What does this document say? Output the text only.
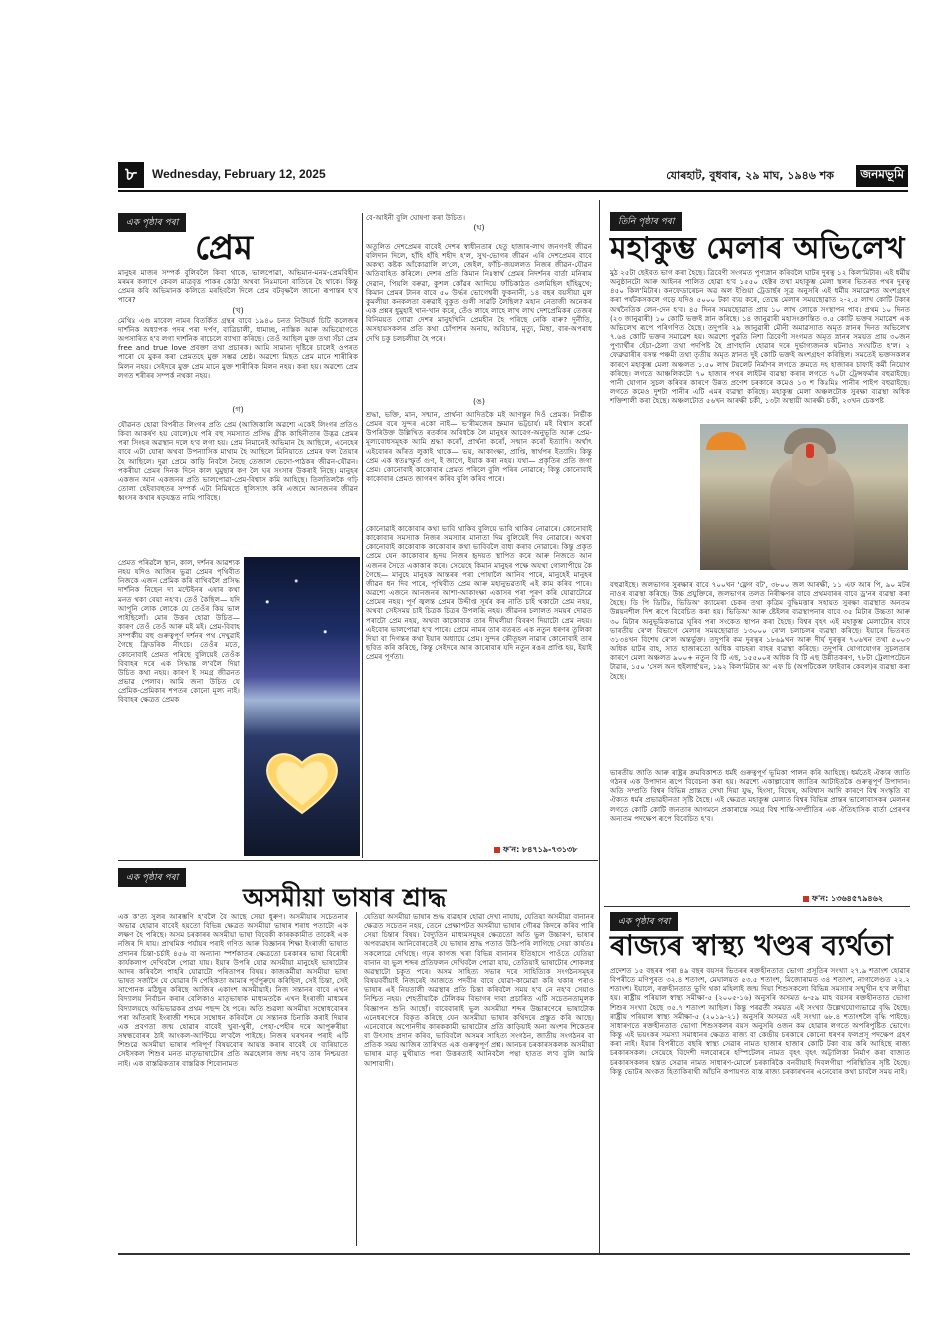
৮	Wednesday, February 12, 2025	যোৰহাট, বুধবাৰ, ২৯ মাঘ, ১৯৪৬ শক	জনমভূমি
এক পৃষ্ঠাৰ পৰা
প্ৰেম
মানুহৰ মাজৰ সম্পৰ্ক বুলিবলৈ কিবা থাকে, ভালপোৱা, অভিমান-মনম-প্ৰেমবিহীন মৰমৰ কলাণে কেবল মাত্ৰবৃত্ত পাকৰ কোঠা অথবা নিঃমানো বাতিৰে হৈ থাকে। কিন্তু প্ৰেমৰ কবি অভিমানক কলিতে মৰহিবলৈ দিলে প্ৰেম বটবৃক্ষলৈ জানো ৰূপান্তৰ হ'ব পাৰে?
(খ)
মেথিঃ এণ্ড মাবেল নামৰ বিতৰ্কিত গ্ৰন্থৰ বাবে ১৯৪০ চনত নিউয়ৰ্ক চিটি কলেজৰ দাৰ্শনিক অধ্যাপক পদৰ পৰা দৰ্পণ, বাত্ৰিচালী, ধামাচ্ছ, নাস্তিক আৰু অভিযোগতে অপসাৰিত হ'ব লগা দাৰ্শনিক ৰাচেলে ব্যাখ্যা কৰিছে। তেওঁ আছিল মুক্ত তথা সঁচা প্ৰেম free and true love প্ৰবক্তা তথা প্ৰচাৰক। আমি সামান্য দৃষ্টিৰে চালেই ওপৰত পাৰো যে মুকৰ কৰা প্ৰেমতহে মুক্ত সম্ভৱ শ্ৰেষ্ঠ। অৱশ্যে মিছত প্ৰেম মানে শাৰীৰিক মিলন নহয়। সেইদৰে মুক্ত প্ৰেম মানে মুক্ত শাৰীৰিক মিলন নহয়। কৰা হয়। অৱশ্যে প্ৰেম লগত শৰীৰৰ সম্পৰ্ক নথকা নহয়।
(গ)
যৌৱনত হোৱা বিপৰীত লিংগৰ প্ৰতি প্ৰেম (আজিকালি অৱশ্যে একেই লিংগৰ প্ৰতিও কিবা আকৰ্ষণ হয় বোলে)যে পৰি বহু সমস্যাত প্ৰসিদ্ধ গ্ৰীক কাহিনীতাৰ উদ্ভৱ প্ৰেমৰ পৰা সিংহৰ অৱস্থান দলে হ'ব লগা হয়। প্ৰেম নিমানেই অভিমান হৈ আছিলে, এনেহেৰ বাবে এটা যোৰা অথবা উপন্যাসিক মাথাম হৈ আছিলে মিনিয়াতে প্ৰেমৰ ফল তৈয়াৰ হৈ আছিলে। দুৱা প্ৰেমে কাড়ি নিবলৈ নৈছে তেজাল ভেদো-পাঠকৰ জীৱন-যৌৱন। পকৰীয়া প্ৰেমৰ দিনক দিনে কাল ঘুমুছাৰ কণ লৈ ঘৰ সংসাৰ উকৰাই নিছে। মানুহৰ একজন আন একজনৰ প্ৰতি ভালপোৱা-প্ৰেম-বিশ্বাস কমি আহিছে। তিলতিলকৈ গঢ়ি তোলা হেইবাবহুতৰ সম্পৰ্ক এটা নিমিষতে ধূলিস্যাৎ কৰি এজনে আনজনৰ জীৱন ধ্বংসৰ কথাৰ ষড়যন্ত্ৰত নামি পাবিছে।
প্ৰেমত পৰিৱলৈ স্থান, কাল, দৰ্শনৰ আৱশ্যক নহয় যদিও আজিৰ ভুৱা প্ৰেমৰ পৃথিবীত নিজকে এজন প্ৰেমিক কৰি বাখিবলৈ প্ৰসিদ্ধ দাৰ্শনিক নিছেন দা মন্টেইনৰ এষাৰ কথা মনত থকা বেয়া নহ'ব। তেওঁ কৈছিল— যদি আপুনি লোক লোকে যে তেওঁৰ কিয় ভাল পাইছিলোঁ। মোৰ উত্তৰ হোৱা উচিত— কাৰণ তেওঁ তেওঁ আৰু মই মই। প্ৰেম-বিবাহ সম্পৰ্কীয় বহু গুৰুত্বপূৰ্ণ দৰ্শনৰ পথ দেখুৱাই গৈছে ফ্ৰিডৰিক নীৎচে। তেওঁৰ মতে, কোনোবাই প্ৰেমত পৰিছে বুলিয়েই তেওঁক বিবাহৰ দৰে এক সিদ্ধান্ত ল'বলৈ দিয়া উচিত কথা নহয়। কাৰণ ই সমগ্ৰ জীৱনত প্ৰভাৱ পেলাব। আমি জনা উচিত যে প্ৰেমিক-প্ৰেমিকাৰ শপতৰ কোনো মূল্য নাই। বিবাহৰ ক্ষেত্ৰত প্ৰেমক
বে-আইনী বুলি ঘোষণা কৰা উচিত।
(ঘ)
অতুলিত দেশপ্ৰেমৰ বাবেই দেশৰ স্বাধীনতাৰ হেতু হাজাৰ-লাখ জনগণই জীৱন বলিদান দিলে, হাঁহি হাঁহি শহীদ হ'ল, সুখ-ভোগৰ জীৱন এৰি দেশপ্ৰেমৰ বাবে অকথ্য কষ্টক আঁকোৱালি ল'লে, জেইল, ফাঁচি-জয়ললত নিজৰ জীৱন-যৌৱন অতিবাহিত কৰিলে। দেশৰ প্ৰতি কিমান নিঃস্বাৰ্থ প্ৰেমৰ নিদৰ্শনৰ বাৰ্তা মনিৰাম দেৱান, পিয়লি বৰুৱা, কুশল কোঁৱৰ আদিয়ে ফাঁচিকাঠত ওলমিছিল হাঁহিমুখে; কিমান প্ৰেমৰ টানৰ বাবে ৫০ উৰ্দ্ধৰ ভোগেশ্বৰী ফুকনানী, ১৪ বছৰ বয়সীয়া মুল কুমলীয়া কনকলতা বৰুৱাই বুকুত গুলী সাৱটি লৈছিল? মহান নেতাজী অনেকৰ এক প্ৰশ্নৰ ধুমুহাই খান-খান কৰে, তেঁও লাহে লাহে লাখ লাখ দেশপ্ৰেমিকৰ তেজৰ বিনিময়ত গোৱা দেশৰ মানুহখিনি প্ৰেমহীন হৈ পৰিছে নেকি বাৰু? দুৰ্নীতি, অসহায়সকলৰ প্ৰতি কথা চোঁপাশৰ অনায়, অবিচাৰ, মৃত্যু, মিছা, বাৰ-অপৰাধ দেখি চকু চলচলীয়া হৈ পৰে।
(ঙ)
শ্ৰদ্ধা, ভক্তি, মান, সন্মান, প্ৰাৰ্থনা আদিতকৈ মই আণন্তুন দিওঁ প্ৰেমক। নিৰ্ভীক প্ৰেমৰ বৰে সুন্দৰ একো নাই— ভ'ৰীমজেৰ স্ৰুমান ভট্টচাৰ্য। মই বিশ্বাস কৰোঁ উপৰিউক্ত উল্লিখিত ৰতৰ্কাৰ অবিধকৈ লৈ মানুহৰ আবেগ-অনুভূতি আৰু প্ৰেম-মূল্যবোধসমূহক আমি শ্ৰদ্ধা কৰোঁ, প্ৰাৰ্থনা কৰোঁ, সন্মান কৰোঁ ইত্যাদি। অৰ্থাৎ এইবোৰৰ আঁৰত লুকাই থাকে— ভয়, আকাংক্ষা, প্ৰাপ্তি, স্বাৰ্থপৰ ইত্যাদি। কিন্তু প্ৰেম এক স্বতঃস্ফূৰ্ত গুণ, ই জাগে, ইয়াক কৰা নহয়। যথা— প্ৰকৃতিৰ প্ৰতি জগা প্ৰেম। কোনোবাই কাকোবাৰ প্ৰেমত পৰিলে বুলি পৰিৰ নোৱাৰে; কিন্তু কোনোবাই কাকোবাৰ প্ৰেমত জাগৰণ কৰিব বুলি কৰিব পাৰে।
কোনোৱাই কাকোবাৰ কথা ভাবি থাকিব বুলিয়ে ভাবি থাকিব নোৱাৰে। কোনোবাই কাকোবাৰ সমস্যাক নিজৰ সমস্যাৰ মানাতা দিম বুলিয়েই দিব নোৱাৰে। অথবা কোনোবাই কাকোবাক কাকোবাৰ কথা ভাবিবলৈ বাধ্য কৰাব নোৱাৰে। কিন্তু প্ৰকৃত প্ৰেমে যেন কাকোবাৰ হৃদয় নিজৰ হৃদয়ত স্থাপিত কৰে আৰু নিজতে আন এজনৰ সৈতে একাকাৰ কৰে। সেয়েহে কিমান মানুহৰ পক্ষে অযথা গোলাপীয়ে কৈ গৈছে— মানুহে মানুহক আন্তৰৰ পৰা পোষালৈ আনিব পাৰে, মানুহেই মানুহৰ জীৱন ধন দিব পাৰে, পৃথিবীত প্ৰেম আৰু মহানুভৱতাই এই কাম কৰিব পাৰে। অৱশ্যে এজনে আনজনৰ আশা-আকাংক্ষা একাসৰ পৰা পূৰণ কৰি যোৱাটোৱে প্ৰেমেৰ নহয়। পূৰ্ণ জ্বলন্ত প্ৰেমৰ উদ্দীপ্ত সূৰ্যৰ কৰ নাতি চাই থকাটো প্ৰেম নহয়, অথবা সেইসময় চাই চিত্ৰক চিত্ৰৰ উপলব্ধি নহয়। জীৱনৰ চলালত সময়ৰ দোৱত পৰাটো প্ৰেম নহয়, অথবা কাকোবাক তাৰ দীঘলীয়া বিবৰণ দিয়াটো প্ৰেম নহয়। এইবোৰ ভালপোৱা হ'ব পাৰে। প্ৰেমে নামৰ তাৰ বতৰত এক নতুন ধৰণৰ তুলিকা দিয়া বা দিগন্তৰ কথা ইয়াৰ অধ্যায়ে প্ৰেম। সুন্দৰ কৌতূহল নাৱাৰ কোনোবাই তাৰ ছবিত কৰি কৰিছে, কিন্তু সেইদৰে আৰ কাৰোবাৰ যদি নতুন ৰঙৰ প্ৰাপ্তি হয়, ইয়াই প্ৰেমৰ পূৰ্ণতা।
ফ'ন: ৮৪৭১৯-৭৩১৩৮
তিনি পৃষ্ঠাৰ পৰা
মহাকুম্ভ মেলাৰ অভিলেখ
মুঠ ২৫টা ছেইবত ভাগ কৰা হৈছে। ত্ৰিবেণী সংগমত পুণ্যস্নান কৰিবলৈ ঘাটৰ দুৰত্ব ১২ কিল'মিটাৰ। এই ধৰ্মীয় অনুষ্ঠানটো আৰু আইনৰ পালিত হোৱা হ'ব ১৫৫০ হেক্টৰ তথা মহাকুম্ভ মেলা স্থলৰ ভিতৰত পথৰ দুৰত্ব ৪৫০ কিল'মিটাৰ। কনফেডাৰেচন অৱ অল ইণ্ডিয়া ট্ৰেডাৰ্ছৰ সূত্ৰ অনুসৰি এই ধৰ্মীয় সমাৱেশত অংশগ্ৰহণ কৰা পৰ্যটকসকলে গড়ে যদিও ৫০০০ টকা ব্যয় কৰে, তেন্তে মেলাৰ সময়ছোৱাত ২-২.৫ লাখ কোটি টকাৰ অৰ্থনৈতিক লেন-দেন হ'ব। ৪৫ দিনৰ সময়ছোৱাত প্ৰায় ১০ লাখ লোকে সংস্থাপন পাব। প্ৰথম ১০ দিনত (২৩ জানুৱাৰী) ১০ কোটি ভক্তই স্নান কৰিছে। ১৪ জানুৱাৰী মহাসংক্ৰান্তিত ৩.৫ কোটি ভক্তৰ সমাৱেশ এক অভিলেখ ৰূপে পৰিগণিত হৈছে। তদুপৰি ২৯ জানুৱাৰী মৌনী অমাৱস্যাত অমৃত স্নানৰ দিনত অভিলেখ ৭.৬৪ কোটি ভক্তৰ সমাৱেশ হয়। অৱশ্যে পুৱতি নিশা ত্ৰিবেণী সংগমত অমৃত স্নানৰ সময়ত প্ৰায় ৩০জন পুণ্যাৰ্থীৰ হেঁচা-ঠেলা তথা পদপিষ্ট হৈ প্ৰাণহানি হোৱাৰ দৰে দুৰ্ভাগ্যজনক ঘটনাও সংঘটিত হ'ল। ২ ফেব্ৰুৱাৰীৰ বসন্ত পঞ্চমী তথা তৃতীয় অমৃত স্নানত দুই কোটি ভক্তই অংশগ্ৰহণ কৰিছিল। সমতেই ভক্তসকলৰ কাৰণে মহাকুম্ভ মেলা অঞ্চলত ১.৫০ লাখ টয়লেট নিৰ্মাণৰ লগতে ক্ৰমতে দহ হাজাৰৰ চাফাই কৰ্মী নিয়োগ কৰিছে। লগতে আঞ্চলিকটো ৭০ হাজাৰ পথৰ লাইটৰ ব্যৱস্থা কৰাৰ লগতে ৭০টা ট্ৰেন্সফৰ্মাৰ বহুৱাইছে। পানী যোগান সুচল কৰিবৰ কাৰণে উন্নত প্ৰণেশ চৰকাৰে কমেও ১৩ শ কিঃমিঃ পানীৰ পাইপ বহুৱাইছে। লগতে কমেও দুশটা পানীৰ এটি এমৰ ব্যৱস্থা কৰিছে। মহাকুম্ভ মেলা অঞ্চলটোক সুৰক্ষা ব্যৱস্থা অধিক শক্তিশালী কৰা হৈছে। অঞ্চলটোত ৫৬খন আৰক্ষী চকী, ১৩টা অস্থায়ী আৰক্ষী চকী, ২৩খন চেকপষ্ট
বহুৱাইছে। জলভাগৰ সুৰক্ষাৰ বাবে ৭০০খন 'ফ্লেগ বট', ৩৮০০ জল আৰক্ষী, ১১ এফ আৰ পি, ৯০ মটৰ নাওৰ ব্যৱস্থা কৰিছে। উচ্চ প্ৰযুক্তিৰে, জলভাগৰ তলত নিৰীক্ষণৰ বাবে প্ৰথমবাৰৰ বাবে ড্ৰ'নৰ ব্যৱস্থা কৰা হৈছে। ডি পি ডিটিঃ, ভিডিঅ' ক্যামেৰা চেকৰ তথা কৃত্ৰিম বুদ্ধিমত্তাৰ সহায়ত সুৰক্ষা ব্যৱস্থাত অনতম উন্নয়নশীল দিশ ৰূপে বিবেচিত কৰা হয়। ভিডিঅ' আৰু ষ্টেইলৰ ব্যৱস্থাপনাৰ বাবে ৩৫ মিটাৰ উচ্চতা আৰু ৩০ মিটাৰ অনুভূমিকভাৱে ঘূৰিব পৰা সংকেত স্থাপন কৰা হৈছে। বিশ্বৰ বৃহৎ এই মহাকুম্ভ মেলাটোৰ বাবে ভাৰতীয় ৰে'ল বিভাগে মেলাৰ সময়ছোৱাত ১৩০০০ ৰে'ল চলাচলৰ ব্যৱস্থা কৰিছে। ইয়াৰে ভিতৰত ৩১৩৪খন বিশেষ ৰে'ল অন্তৰ্ভুক্ত। তদুপৰি কম দুৰত্বৰ ১৮৬৯খন আৰু দীৰ্ঘ দুৰত্বৰ ৭০৬খন তথা ৫০০৩ অধিক য়াটৰ বাহ, সাত হাজাৰতো অধিক বাচহৰা বাহৰ ব্যৱস্থা কৰিছে। তদুপৰি যোগাযোগৰ সুচলতাৰ কাৰণে মেলা অঞ্চলত ৯০০+ নতুন বি টি এছ, ১৫৫০০ৰ অধিক বি টি এছ উন্নীতকৰণ, ৭৮টা ট্ৰেলাপটেচন টাৱাৰ, ১৫০ 'সেল অন হুইলাৰ্ছ'য়ন, ১৯২ কিল'মিটাৰ অ' এফ চি (অপটিকেল ফাইবাৰ কেবল)ৰ ব্যৱস্থা কৰা হৈছে।
ভাৰতীয় জাতি আৰু ৰাষ্ট্ৰৰ ক্ৰমবিকাশত ধৰ্মই গুৰুত্বপূৰ্ণ ভূমিকা পালন কৰি আহিছে। ধৰ্মতেই ঐক্যৰ জাতি গঠনৰ এক উপাদান ৰূপে বিবেচনা কৰা হয়। অৱশ্যে একাল্পাবোধ জাতিৰ আটাইতকৈ গুৰুত্বপূৰ্ণ উপাদান। অতি সম্প্ৰতি বিশ্বৰ বিভিন্ন প্ৰান্তত দেখা দিয়া যুদ্ধ, হিংসা, বিদ্বেষ, অবিশ্বাস আদি কাৰণে বিশ্ব সংস্কৃতি বা ঐক্যত ধৰ্মৰ প্ৰভাৱহীনতা সৃষ্টি হৈছে। এই ক্ষেত্ৰত মহাকুম্ভ মেলাত বিশ্বৰ বিভিন্ন প্ৰান্তৰ ভালোবাসকৰ মেলনৰ লগতে কোটি কোটি জনতাৰ আগমনে প্ৰকাৰান্তে সমগ্ৰ বিশ্ব শান্তি-সম্প্ৰীতিৰ এক ঐতিহাসিক বাৰ্তা প্ৰেৰণৰ অন্যতম পদক্ষেপ ৰূপে বিবেচিত হ'ব।
ফ'ন: ১৩৬৪৫৭৯৪৬২
এক পৃষ্ঠাৰ পৰা
অসমীয়া ভাষাৰ শ্ৰাদ্ধ
এক ক'ত্য সুলৰ আৰম্ভণি হ'বলৈ বৈ আছে সেয়া ধুৰুণ। অসমীয়াৰ সচেতনাৰ অভাৱ হোৱাৰ বাবেই হয়তো বিভিন্ন ক্ষেত্ৰত অসমীয়া ভাষাৰ শৰাধ পতাটো এক লক্ষণ হৈ পৰিছে। অসম চৰকাৰৰ অসমীয়া ভাষা বিবেকী কাৰককামীত তাকেই এক নজিৰ দি যায়। প্ৰাথমিক পৰ্যায়ৰ পৰাই গণিত আৰু বিজ্ঞানৰ শিক্ষা ইংৰাজী ভাষাত প্ৰদানৰ চিন্তা-চৰ্চাই ৪৫৬ বা অন্যান্য স্পৰ্শকাতৰ ক্ষেত্ৰতো চৰকাৰৰ ভাষা বিৰোধী কাৰ্যকলাপ দেখিবলৈ পোৱা যায়। ইয়াৰ উপৰি যোৱ অসমীয়া মানুহেই ভাষাটোৰ আদৰ কৰিবলৈ পাহৰি যোৱাটো পৰিতাপৰ বিষয়। কাজকৰ্মীয়া অসমীয়া ভাষা ভাষত সৰ্জাসৈ যে যোৱাৰ দি পেহিকতা আমাৰ পূৰ্বপুৰুষে কৰিছিল, সেই চিন্তা, সেই সাপোনক মঠিছুৰ কৰিছে আজিৰ একাংশ অসমীয়াই। নিজ সন্তানৰ বাবে এখন বিদ্যালয় নিৰ্বাচন কৰাৰ বেলিকাও মাতৃভাষাক মাধ্যমতকৈ এখন ইংৰাজী মাধ্যমৰ বিদ্যালয়হে অভিভাৱকৰ প্ৰথম পছন্দ হৈ পৰে। অতি শুৱলা অসমীয়া সম্বোধবোৰৰ পৰা আঁতৰাই ইংৰাজী শব্দৰে সম্বোধন কৰিবলৈ যে সন্তানক চিনাকি কৰাই দিয়াৰ এক প্ৰবণতা জন্ম হোৱাৰ বাবেই খুৰা-খুৰী, পেহা-পেহীৰ দৰে আপুৰুৰীয়া সম্বন্ধবোৰৰ ঠাই আংকল-আণ্টিয়ে ল'বলৈ পাইছে। নিজৰ ঘৰখনৰ পৰাই এটি শিশুৱে অসমীয়া ভাষাৰ পৰিপূৰ্ণ বিষয়বোৰ আয়ত্ত কৰাৰ বাবেই যে ব্যৰিয়াতে সেইসকল শিশুৰ মনত মাতৃভাষাটোৰ প্ৰতি অৱহেলাৰ জন্ম নহ'ব তাৰ নিশ্চয়তা নাই। এক বাস্তৱিকতাৰ বাস্তৱিক শিবোনামত
যেতিয়া অসমীয়া ভাষাৰ শুদ্ধ ব্যৱহাৰ হোৱা দেখা নাযায়, যেতিয়া অসমীয়া বানানৰ ক্ষেত্ৰত সচেতন নহয়, তেনে প্ৰেক্ষাপটত অসমীয়া ভাষাৰ গৌৰৱ কিদৰে কৰিব পাৰি সেয়া চিন্তাৰ বিষয়। বৈদ্যুতিন মাধ্যমসমূহৰ ক্ষেত্ৰতো অতি ভুল উচ্চাৰণ, ভাষাৰ অপব্যৱহাৰ আনিবোৰতেই যে ভাষাৰ শ্ৰাদ্ধ পতাত উঠি-পৰি লাগিছে সেয়া কাৰ্যতঃ সকলোৱে দেখিছে। গঢ়ৰ কাগজ খৰা বিভিন্ন বানানৰ ইতিহাসে পাওঁতে যেতিয়া বানান বা ভুল শব্দৰ প্ৰতিফলন দেখিবলৈ পোৱা যায়, তেতিয়াই ভাষাটোৰ শোকলগ্ন অৱস্থাটো চকুত পৰে। অসম সাহিত্য সভাৰ দৰে সাহিত্যিক সংগঠনসমূহৰ বিষয়বৰ্বীয়াই নিজৰেই আজতে পদবীৰ বাবে যোৱা-কামোৱা কৰি থকাৰ পৰাও ভাষাৰ এই নিয়তালী অৱস্থাৰ প্ৰতি চিন্তা কৰিবলৈ সময় হ'ব নে নহ'ব সেয়াও নিশ্চিত নহয়। শেহতীয়াকৈ টেলিকম বিভাগৰ দাবা প্ৰচাৰিত এটি সচেতনতামূলক বিজ্ঞাপন শুনি আছোঁ। বাবেবাৰাই ভুল অসমীয়া শব্দৰ উচ্চাৰণেৰে ভাষাটোক এনেধৰণেৰে বিকৃত কৰিছে যেন অসমীয়া ভাষাৰ কথিদৰে প্ৰস্তুত কৰি আছে। এনেবোৰে অপোনদীয় কাৰককামী ভাষাটোৰ প্ৰতি কাড়িয়াই অন্য অংশৰ শিকেতৰ বা উৎসাহ প্ৰদান কৰিব, ভাবিবলৈ অসমৰ সাহিত্য সংগঠন, জাতীয় সংগঠনৰ বা প্ৰতিক সময় আজিৰ তাৰিখত এক গুৰুত্বপূৰ্ণ প্ৰশ্ন। আনচৰ চৰকাৰসকলক অসমীয়া ভাষাৰ মাতৃ মুখীয়াত পৰা উত্তৰতাই আনিবলৈ পন্থা হাতত ল'ব বুলি আমি আশাবাদী।
এক পৃষ্ঠাৰ পৰা
ৰাজ্যৰ স্বাস্থ্য খণ্ডৰ ব্যৰ্থতা
প্ৰদেশত ১৫ বছৰৰ পৰা ৪৯ বছৰ বয়সৰ ভিতৰৰ ৰক্তহীনতাত ভোগা প্ৰসূতিৰ সংখ্যা ২৭.৯ শতাংশ হোৱাৰ বিপৰীতে মণিপুৰত ৩২.৪ শতাংশ, মেঘালয়ত ৫৩.৫ শতাংশ, মিজোৰামত ৩৪ শতাংশ, নাগালেণ্ডত ২২.২ শতাংশ। ইয়ালে, ৰক্তহীনতাত ভুগি থকা মহিলাই জন্ম দিয়া শিশুসকলো বিভিন্ন সমস্যাৰ সন্মুখীন হ'ব লগীয়া হয়। ৰাষ্ট্ৰীয় পৰিয়াল স্বাস্থ্য সমীক্ষা-৫ (২০০৫-১৬) অনুসৰি অসমত ৬-৫৯ মাহ বয়সৰ ৰক্তহীনতাত ভোগা শিশুৰ সংখ্যা হৈছে ৩৫.৭ শতাংশ আছিল। কিন্তু পৰৱৰ্তী সময়ত এই সংখ্যা উল্লেখযোগ্যভাৱে বৃদ্ধি হৈছে। ৰাষ্ট্ৰীয় পৰিয়াল স্বাস্থ্য সমীক্ষা-৫ (২০১৯-২১) অনুসৰি অসমত এই সংখ্যা ৬৮.৪ শতাংশলৈ বৃদ্ধি পাইছে। সাধাৰণতে ৰক্তহীনতাত ভোগা শিশুসকলৰ বয়স অনুসৰি ওজন কম হোৱাৰ লগতে অপৰিপুষ্টিত ভোগে। কিন্তু এই ভয়ংকৰ সমস্যা সমাধানৰ ক্ষেত্ৰত ৰাজ্য বা কেন্দ্ৰীয় চৰকাৰে কোনো ধৰণৰ ফলপ্ৰসূ পদক্ষেপ গ্ৰহণ কৰা নাই। ইয়াৰ বিপৰীতে বছৰি স্বাস্থ্য সেৱাৰ নামত হাজাৰ হাজাৰ কোটি টকা ব্যয় কৰি আহিছে ৰাজ্য চৰকাৰসকল। সেয়েহে বিদেশী দলবোৰৰে হস্পিটেলৰ নামত বৃহৎ বৃহৎ অট্টালিকা নিৰ্মাণ কৰা বাজ্যত চৰকাৰসকলৰ হস্তত সেৱাৰ নামত সাধাৰণ-মোৰ্লে চৰকাৰিকৈ বনবীয়াই দিবলগীয়া পৰিস্থিতিৰ সৃষ্টি হৈছে। কিন্তু ভোটৰ অংকত হিতাকিৰাথী আঁচনি কপায়ণত ব্যস্ত ৰাজ্য চৰকাৰখনৰ এনেবোৰ কথা চাবলৈ সময় নাই।
